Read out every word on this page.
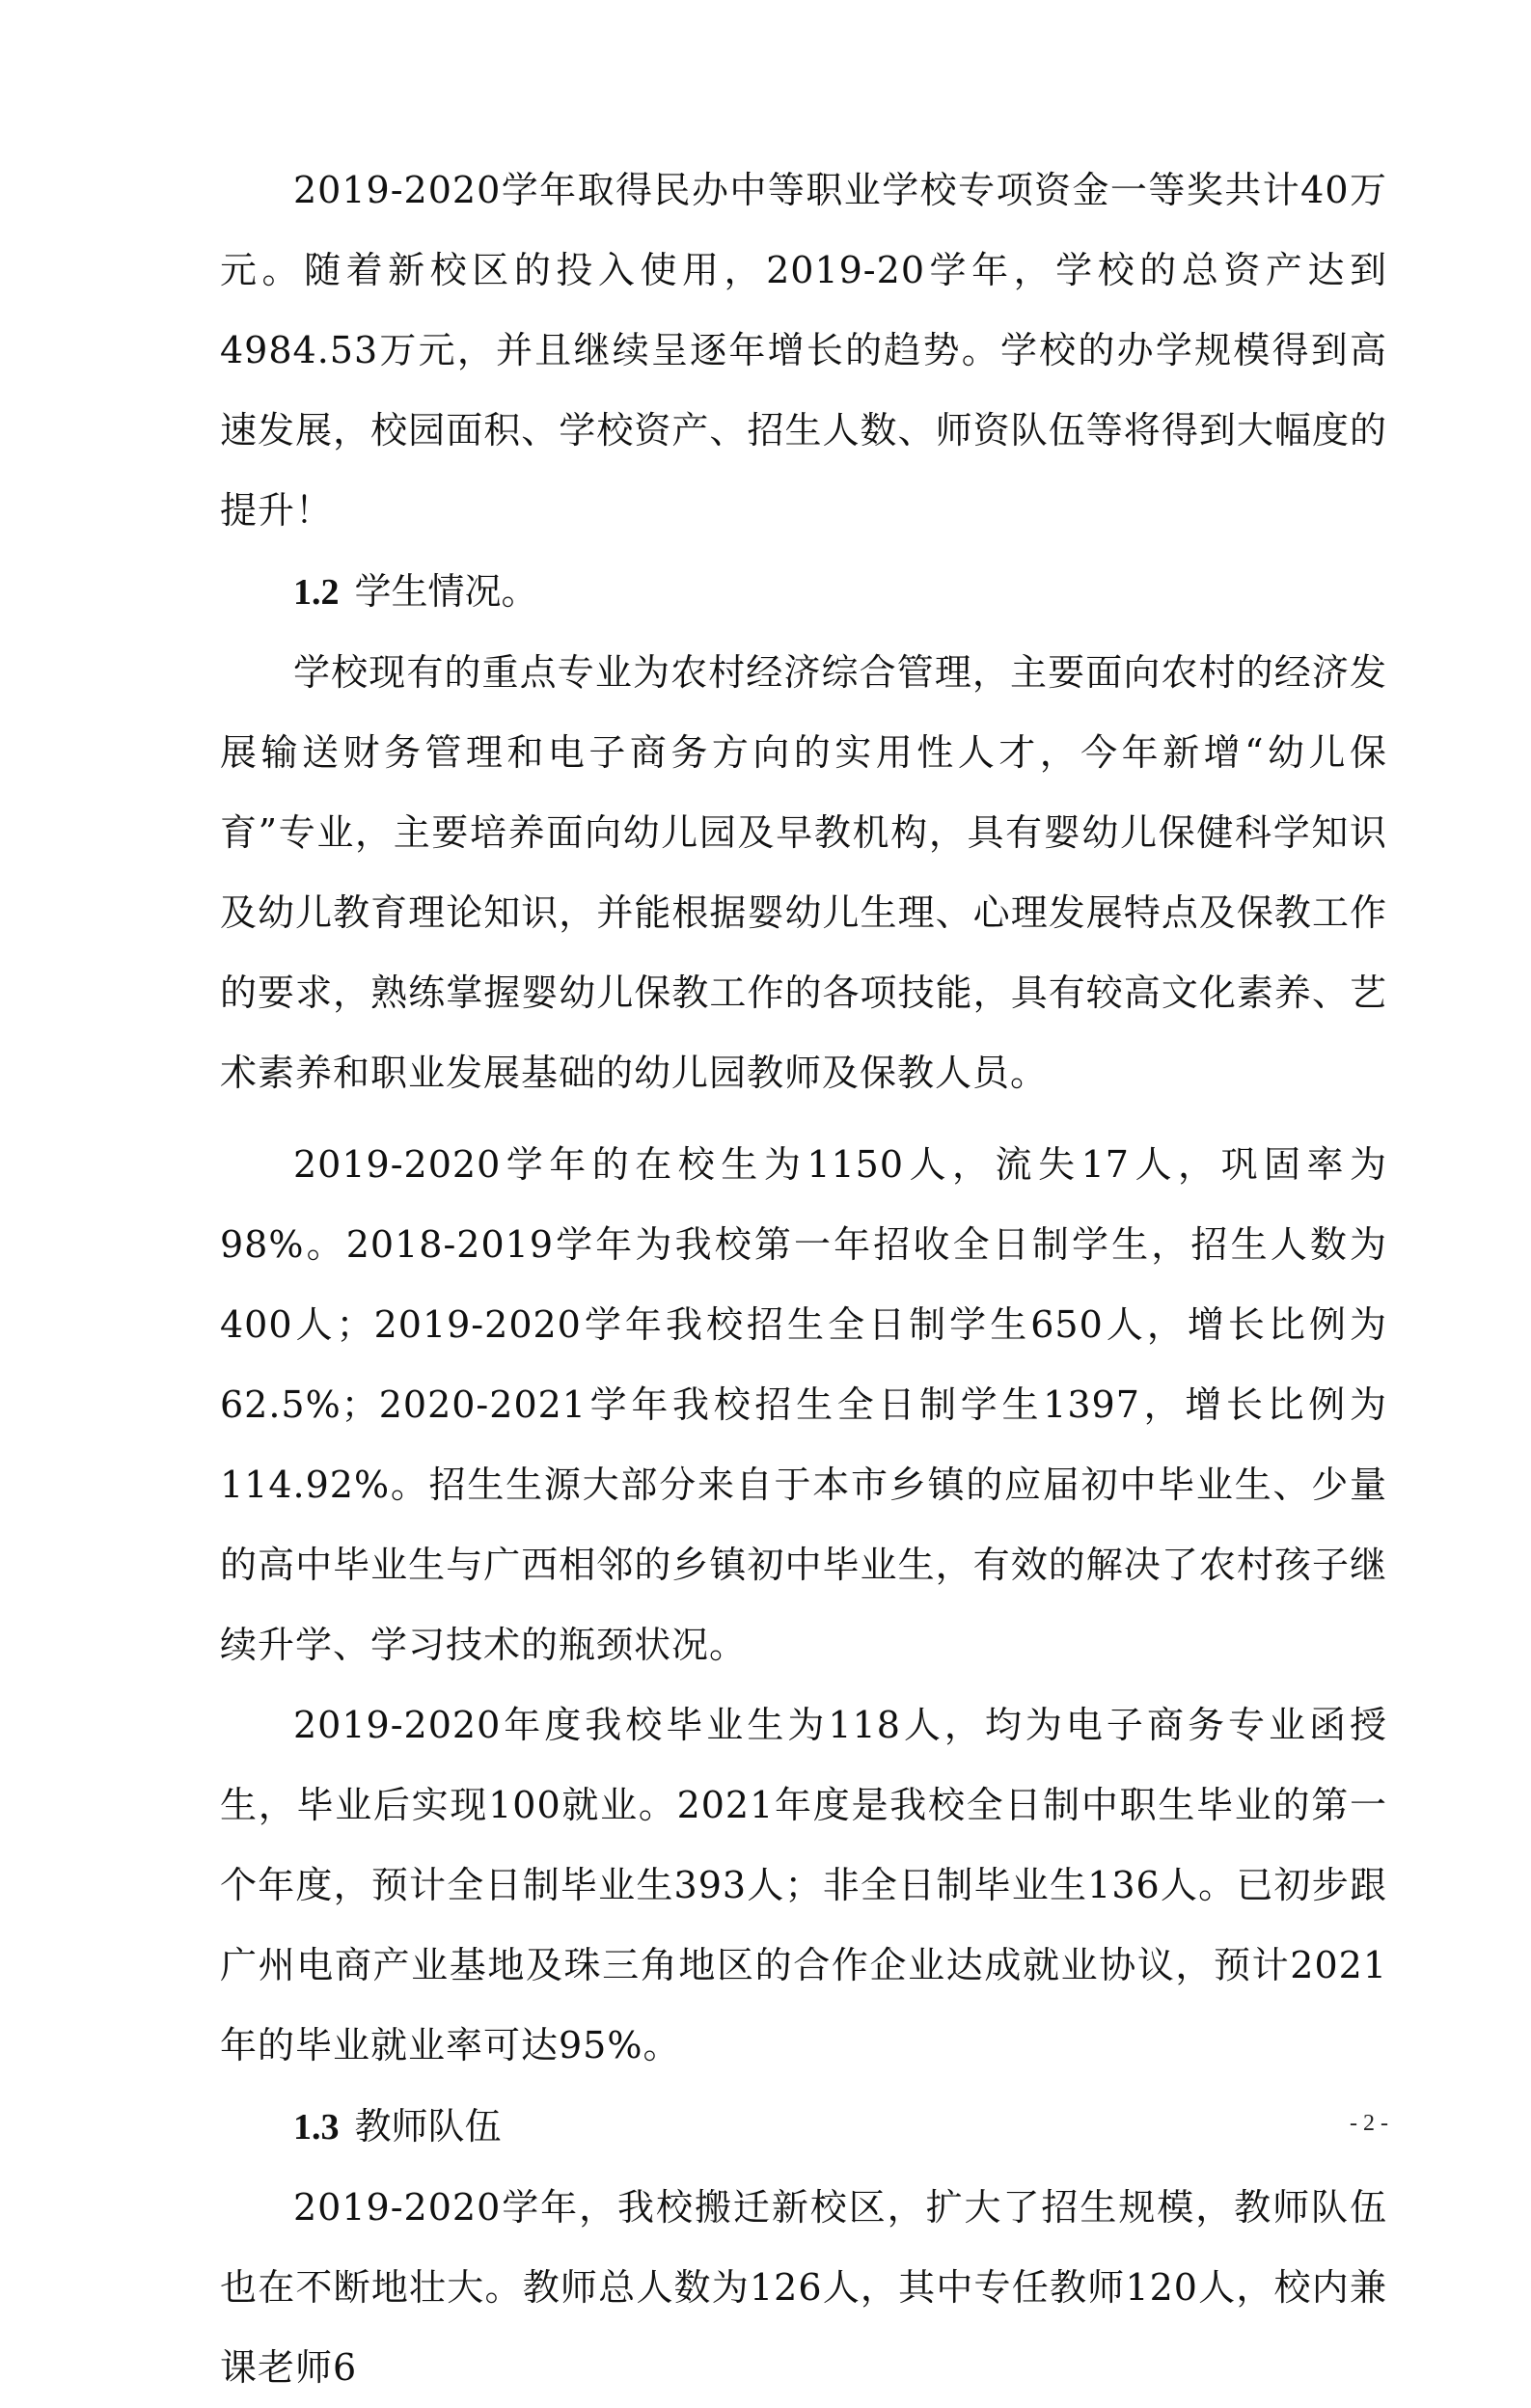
2019-2020学年取得民办中等职业学校专项资金一等奖共计40万元。随着新校区的投入使用，2019-20学年，学校的总资产达到4984.53万元，并且继续呈逐年增长的趋势。学校的办学规模得到高速发展，校园面积、学校资产、招生人数、师资队伍等将得到大幅度的提升！

1.2 学生情况。

学校现有的重点专业为农村经济综合管理，主要面向农村的经济发展输送财务管理和电子商务方向的实用性人才，今年新增“幼儿保育”专业，主要培养面向幼儿园及早教机构，具有婴幼儿保健科学知识及幼儿教育理论知识，并能根据婴幼儿生理、心理发展特点及保教工作的要求，熟练掌握婴幼儿保教工作的各项技能，具有较高文化素养、艺术素养和职业发展基础的幼儿园教师及保教人员。

2019-2020学年的在校生为1150人，流失17人，巩固率为98%。2018-2019学年为我校第一年招收全日制学生，招生人数为400人；2019-2020学年我校招生全日制学生650人，增长比例为62.5%；2020-2021学年我校招生全日制学生1397，增长比例为114.92%。招生生源大部分来自于本市乡镇的应届初中毕业生、少量的高中毕业生与广西相邻的乡镇初中毕业生，有效的解决了农村孩子继续升学、学习技术的瓶颈状况。

2019-2020年度我校毕业生为118人，均为电子商务专业函授生，毕业后实现100就业。2021年度是我校全日制中职生毕业的第一个年度，预计全日制毕业生393人；非全日制毕业生136人。已初步跟广州电商产业基地及珠三角地区的合作企业达成就业协议，预计2021年的毕业就业率可达95%。

1.3 教师队伍

2019-2020学年，我校搬迁新校区，扩大了招生规模，教师队伍也在不断地壮大。教师总人数为126人，其中专任教师120人，校内兼课老师6

- 2 -
